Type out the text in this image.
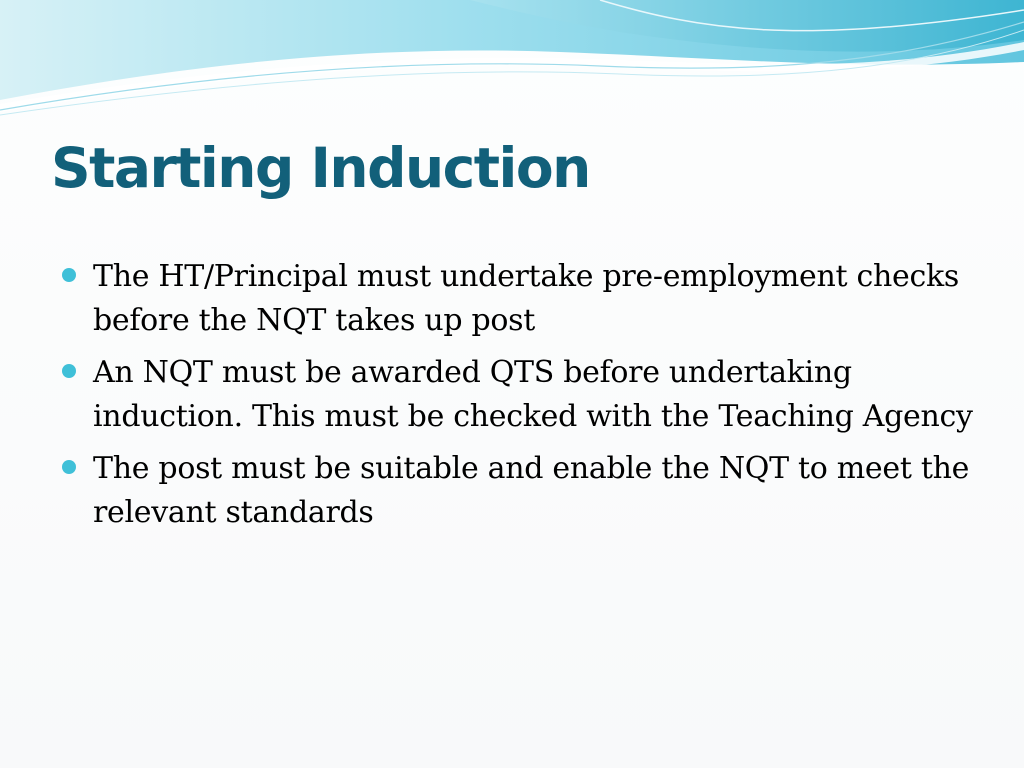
Starting Induction
The HT/Principal must undertake pre-employment checks before the NQT takes up post
An NQT must be awarded QTS before undertaking induction. This must be checked with the Teaching Agency
The post must be suitable and enable the NQT to meet the relevant standards
